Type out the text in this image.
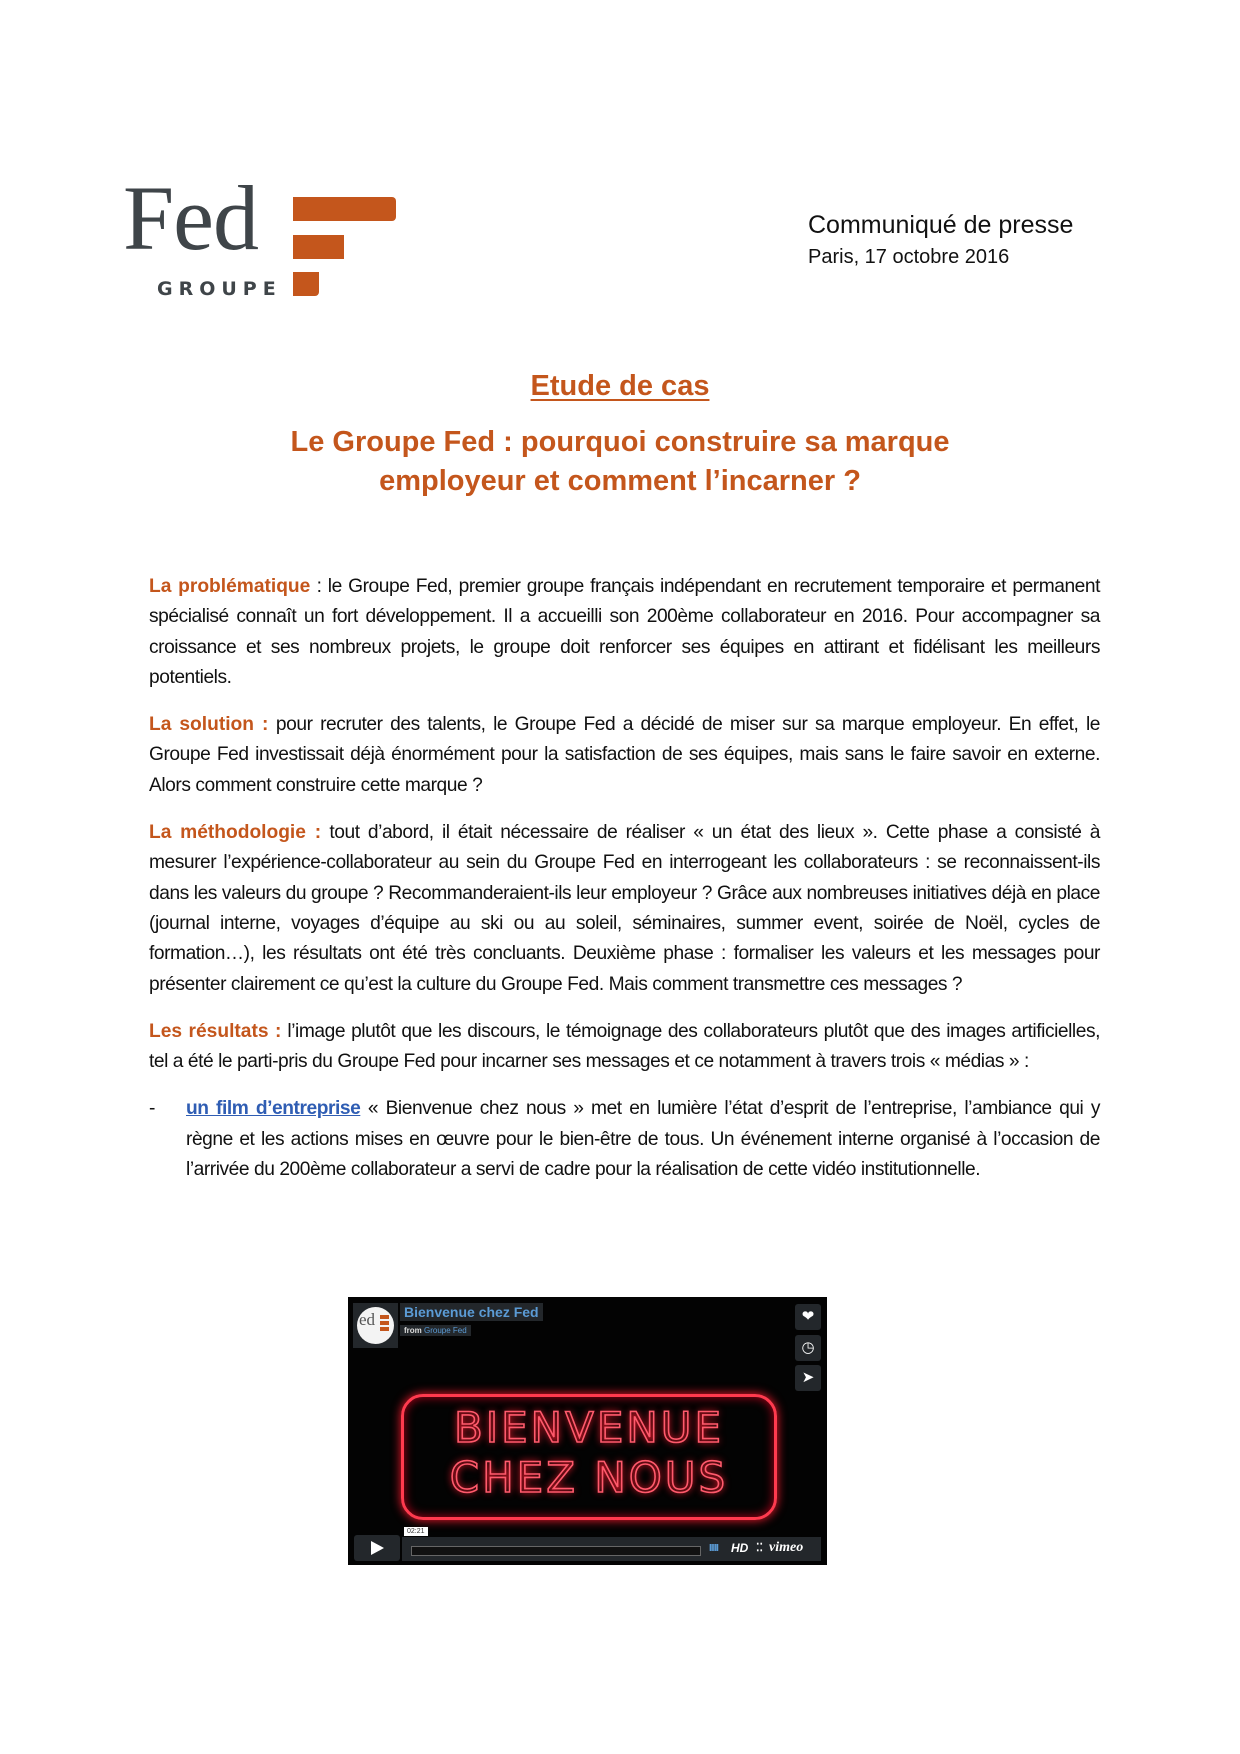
Fed
GROUPE
Communiqué de presse
Paris, 17 octobre 2016
Etude de cas
Le Groupe Fed : pourquoi construire sa marque
employeur et comment l’incarner ?

La problématique : le Groupe Fed, premier groupe français indépendant en recrutement temporaire et permanent spécialisé connaît un fort développement. Il a accueilli son 200ème collaborateur en 2016. Pour accompagner sa croissance et ses nombreux projets, le groupe doit renforcer ses équipes en attirant et fidélisant les meilleurs potentiels.

La solution : pour recruter des talents, le Groupe Fed a décidé de miser sur sa marque employeur. En effet, le Groupe Fed investissait déjà énormément pour la satisfaction de ses équipes, mais sans le faire savoir en externe. Alors comment construire cette marque ?

La méthodologie : tout d’abord, il était nécessaire de réaliser « un état des lieux ». Cette phase a consisté à mesurer l’expérience-collaborateur au sein du Groupe Fed en interrogeant les collaborateurs : se reconnaissent-ils dans les valeurs du groupe ? Recommanderaient-ils leur employeur ? Grâce aux nombreuses initiatives déjà en place (journal interne, voyages d’équipe au ski ou au soleil, séminaires, summer event, soirée de Noël, cycles de formation…), les résultats ont été très concluants. Deuxième phase : formaliser les valeurs et les messages pour présenter clairement ce qu’est la culture du Groupe Fed. Mais comment transmettre ces messages ?

Les résultats : l’image plutôt que les discours, le témoignage des collaborateurs plutôt que des images artificielles, tel a été le parti-pris du Groupe Fed pour incarner ses messages et ce notamment à travers trois « médias » :

- un film d’entreprise « Bienvenue chez nous » met en lumière l’état d’esprit de l’entreprise, l’ambiance qui y règne et les actions mises en œuvre pour le bien-être de tous. Un événement interne organisé à l’occasion de l’arrivée du 200ème collaborateur a servi de cadre pour la réalisation de cette vidéo institutionnelle.

ed Bienvenue chez Fed
from Groupe Fed
❤
◷
➤
BIENVENUE
CHEZ NOUS
IIIII HD ⁚⁚ vimeo
02:21
